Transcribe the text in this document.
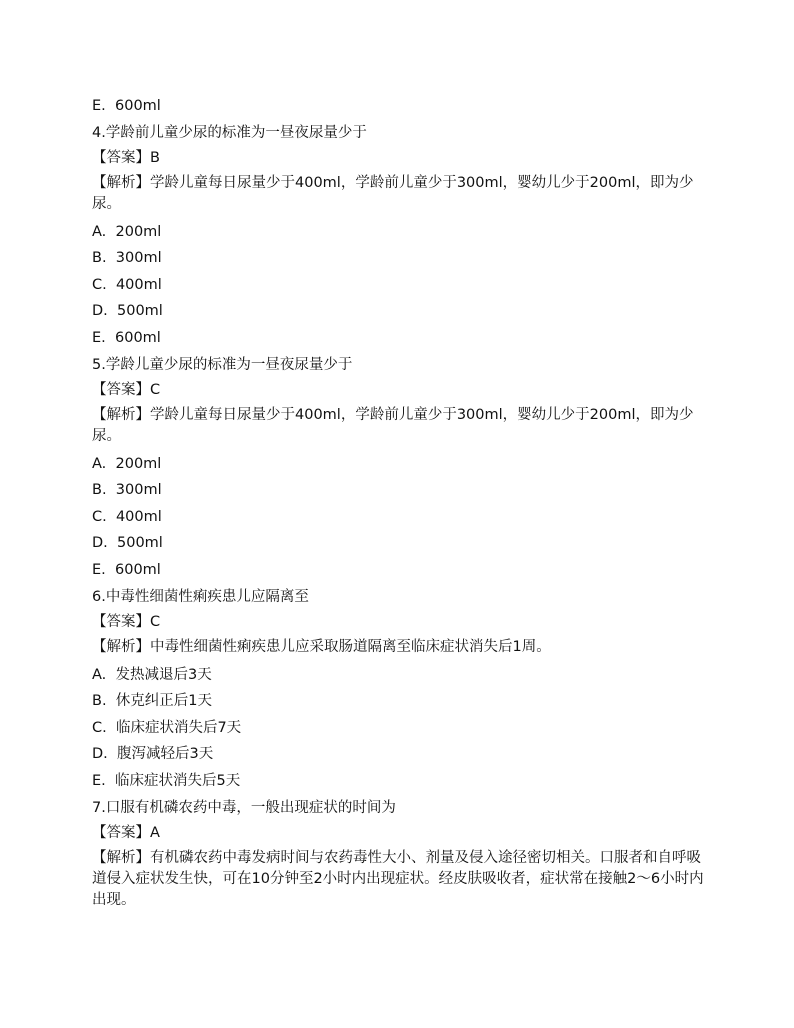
E.  600ml
4.学龄前儿童少尿的标准为一昼夜尿量少于
【答案】B
【解析】学龄儿童每日尿量少于400ml，学龄前儿童少于300ml，婴幼儿少于200ml，即为少尿。
A.  200ml
B.  300ml
C.  400ml
D.  500ml
E.  600ml
5.学龄儿童少尿的标准为一昼夜尿量少于
【答案】C
【解析】学龄儿童每日尿量少于400ml，学龄前儿童少于300ml，婴幼儿少于200ml，即为少尿。
A.  200ml
B.  300ml
C.  400ml
D.  500ml
E.  600ml
6.中毒性细菌性痢疾患儿应隔离至
【答案】C
【解析】中毒性细菌性痢疾患儿应采取肠道隔离至临床症状消失后1周。
A.  发热减退后3天
B.  休克纠正后1天
C.  临床症状消失后7天
D.  腹泻减轻后3天
E.  临床症状消失后5天
7.口服有机磷农药中毒，一般出现症状的时间为
【答案】A
【解析】有机磷农药中毒发病时间与农药毒性大小、剂量及侵入途径密切相关。口服者和自呼吸道侵入症状发生快，可在10分钟至2小时内出现症状。经皮肤吸收者，症状常在接触2～6小时内出现。
